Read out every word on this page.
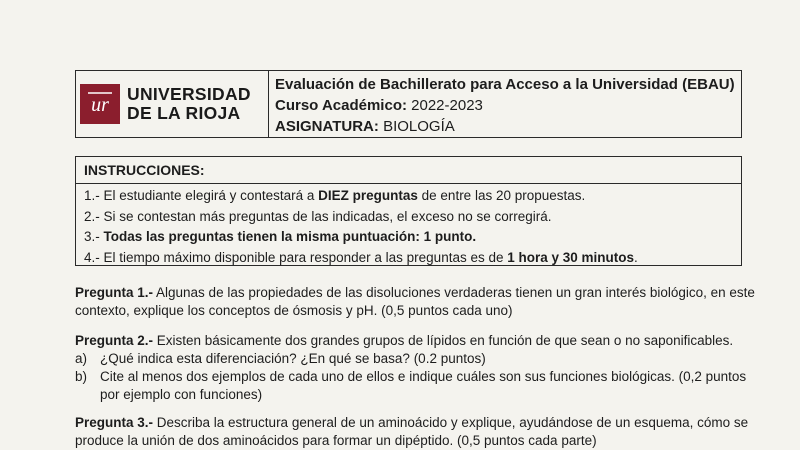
ur UNIVERSIDAD
DE LA RIOJA
Evaluación de Bachillerato para Acceso a la Universidad (EBAU)
Curso Académico: 2022-2023
ASIGNATURA: BIOLOGÍA
INSTRUCCIONES:
1.- El estudiante elegirá y contestará a DIEZ preguntas de entre las 20 propuestas.
2.- Si se contestan más preguntas de las indicadas, el exceso no se corregirá.
3.- Todas las preguntas tienen la misma puntuación: 1 punto.
4.- El tiempo máximo disponible para responder a las preguntas es de 1 hora y 30 minutos.
Pregunta 1.- Algunas de las propiedades de las disoluciones verdaderas tienen un gran interés biológico, en este contexto, explique los conceptos de ósmosis y pH. (0,5 puntos cada uno)
Pregunta 2.- Existen básicamente dos grandes grupos de lípidos en función de que sean o no saponificables.
a) ¿Qué indica esta diferenciación? ¿En qué se basa? (0.2 puntos)
b) Cite al menos dos ejemplos de cada uno de ellos e indique cuáles son sus funciones biológicas. (0,2 puntos por ejemplo con funciones)
Pregunta 3.- Describa la estructura general de un aminoácido y explique, ayudándose de un esquema, cómo se produce la unión de dos aminoácidos para formar un dipéptido. (0,5 puntos cada parte)
